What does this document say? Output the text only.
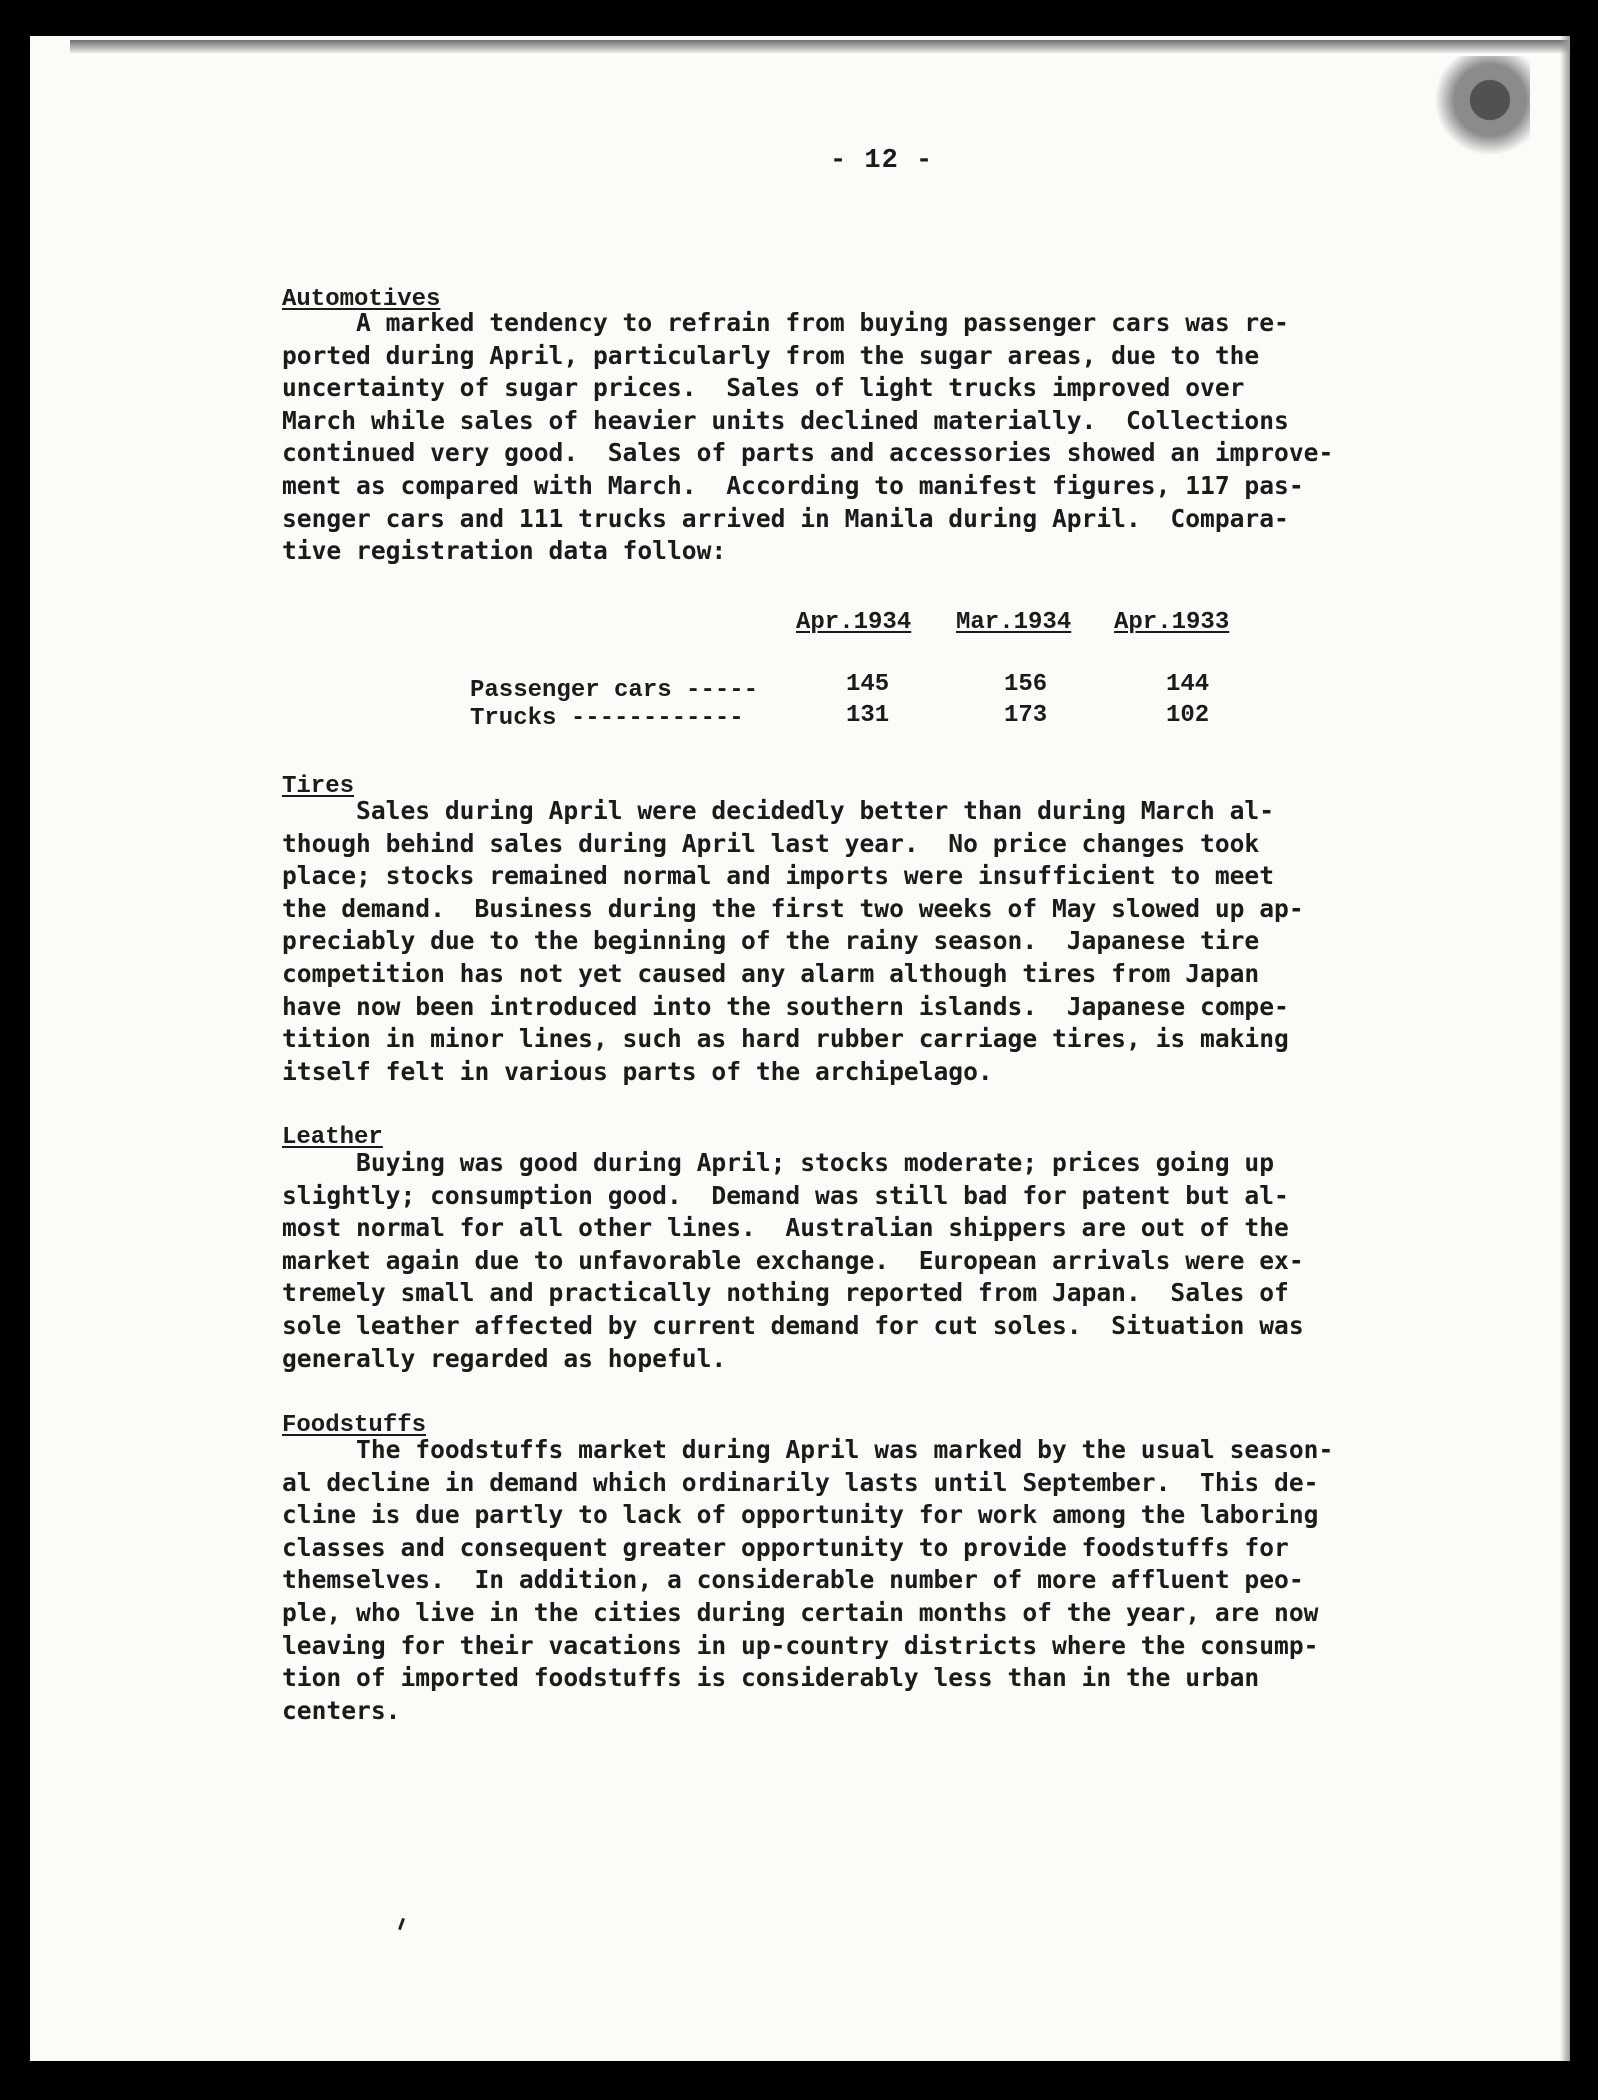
- 12 -
Automotives
A marked tendency to refrain from buying passenger cars was re-
ported during April, particularly from the sugar areas, due to the
uncertainty of sugar prices.  Sales of light trucks improved over
March while sales of heavier units declined materially.  Collections
continued very good.  Sales of parts and accessories showed an improve-
ment as compared with March.  According to manifest figures, 117 pas-
senger cars and 111 trucks arrived in Manila during April.  Compara-
tive registration data follow:
Apr.1934 Mar.1934 Apr.1933
Passenger cars -----	145	156	144
Trucks ------------	131	173	102
Tires
Sales during April were decidedly better than during March al-
though behind sales during April last year.  No price changes took
place; stocks remained normal and imports were insufficient to meet
the demand.  Business during the first two weeks of May slowed up ap-
preciably due to the beginning of the rainy season.  Japanese tire
competition has not yet caused any alarm although tires from Japan
have now been introduced into the southern islands.  Japanese compe-
tition in minor lines, such as hard rubber carriage tires, is making
itself felt in various parts of the archipelago.
Leather
Buying was good during April; stocks moderate; prices going up
slightly; consumption good.  Demand was still bad for patent but al-
most normal for all other lines.  Australian shippers are out of the
market again due to unfavorable exchange.  European arrivals were ex-
tremely small and practically nothing reported from Japan.  Sales of
sole leather affected by current demand for cut soles.  Situation was
generally regarded as hopeful.
Foodstuffs
The foodstuffs market during April was marked by the usual season-
al decline in demand which ordinarily lasts until September.  This de-
cline is due partly to lack of opportunity for work among the laboring
classes and consequent greater opportunity to provide foodstuffs for
themselves.  In addition, a considerable number of more affluent peo-
ple, who live in the cities during certain months of the year, are now
leaving for their vacations in up-country districts where the consump-
tion of imported foodstuffs is considerably less than in the urban
centers.
